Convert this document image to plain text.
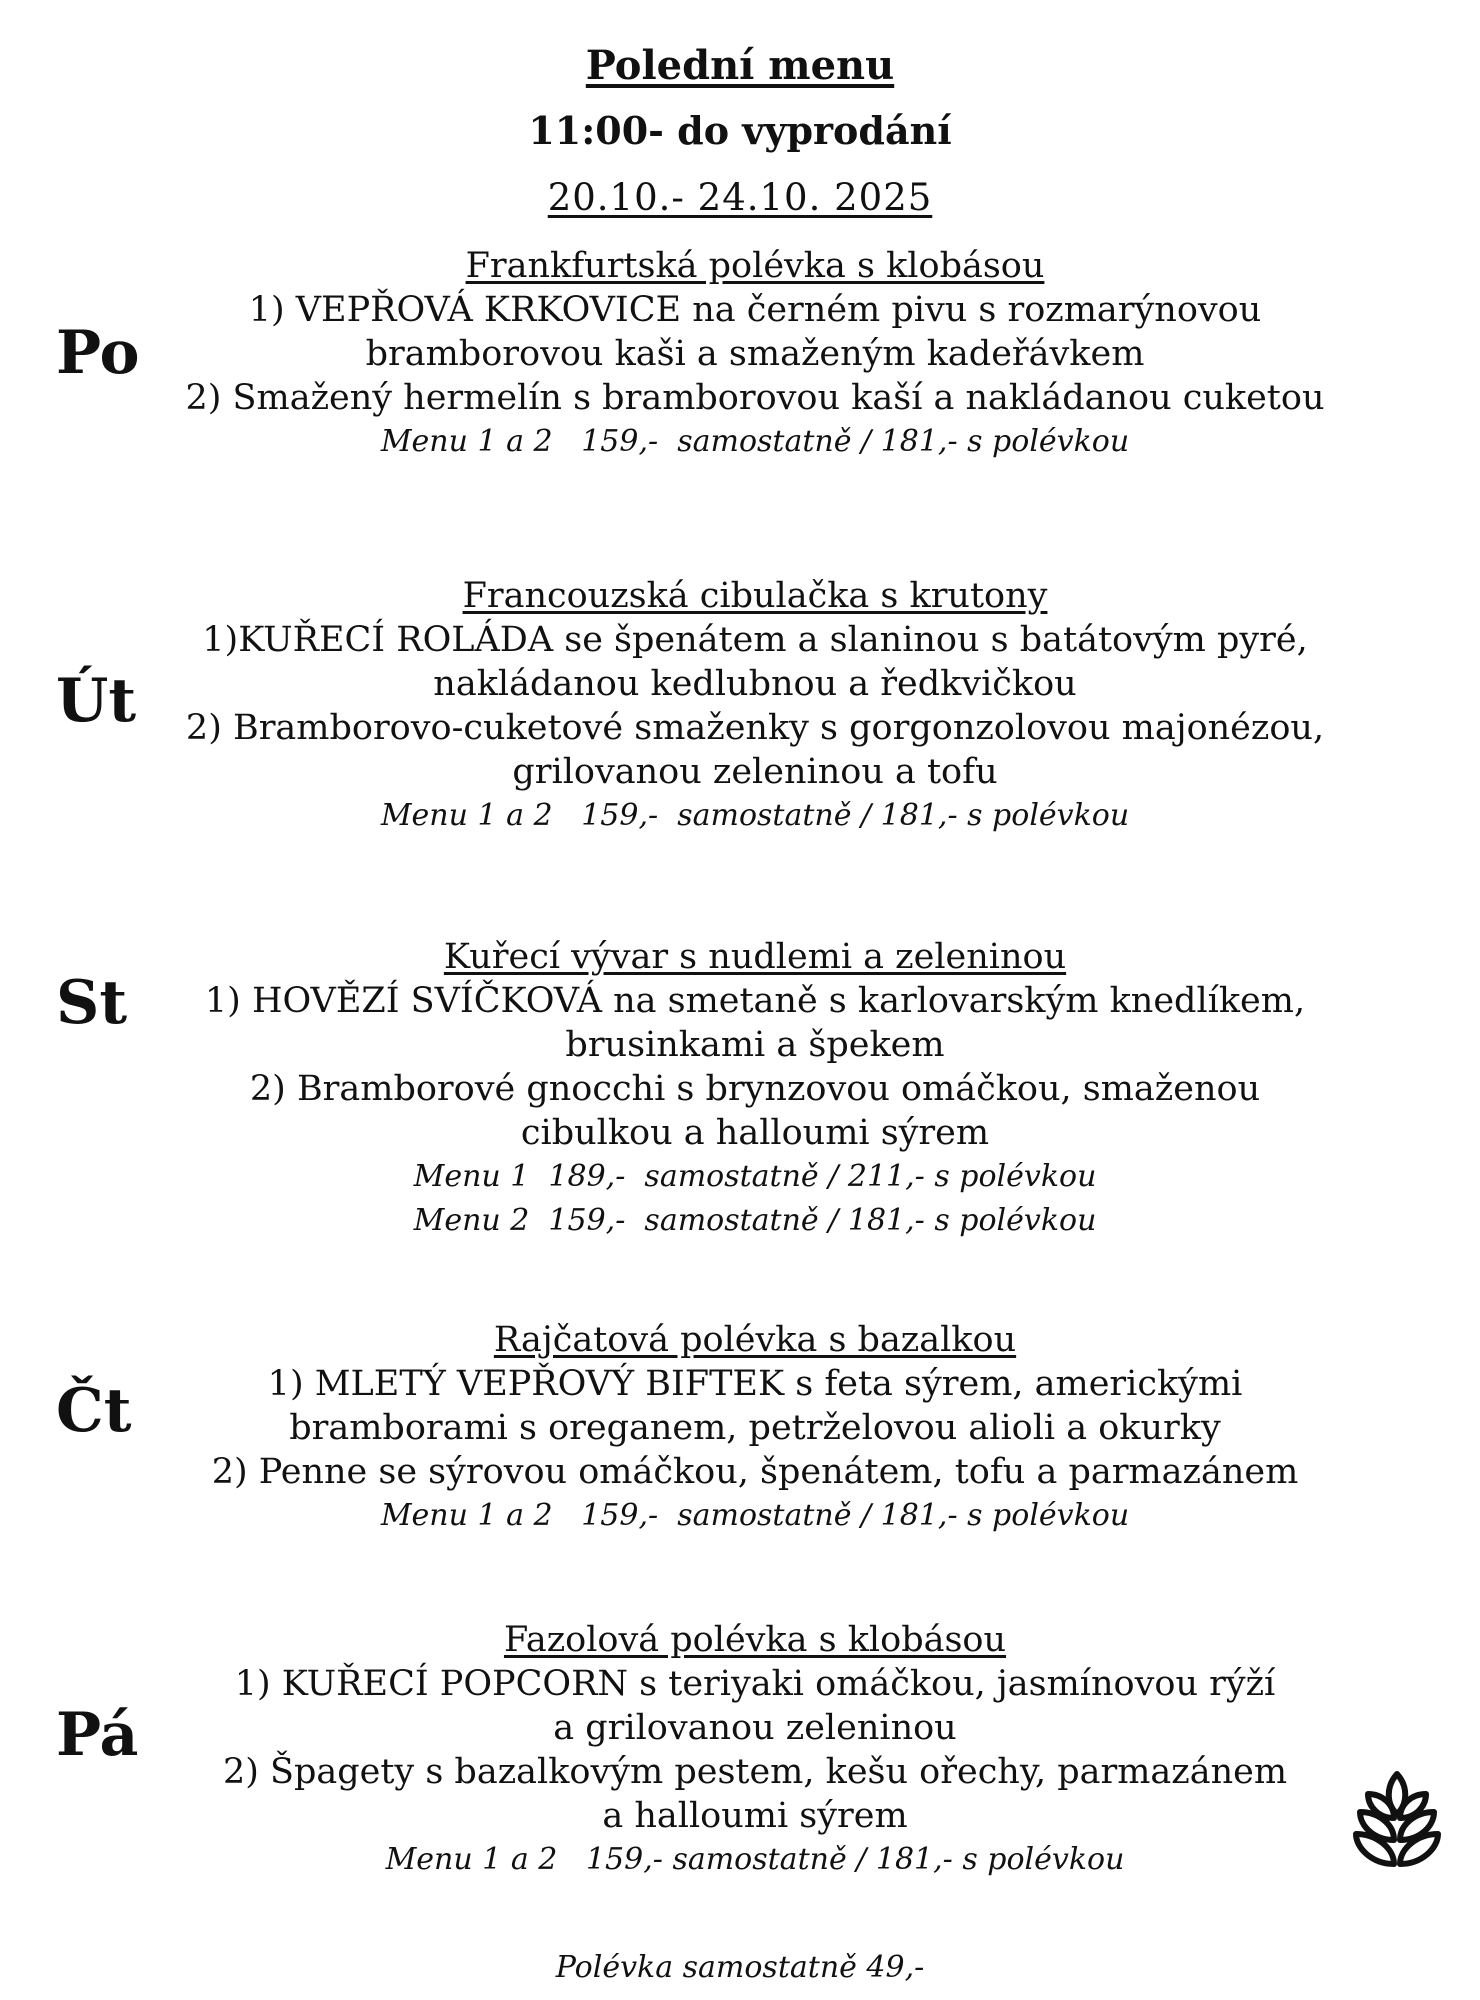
Polední menu
11:00- do vyprodání
20.10.- 24.10. 2025
Po
Frankfurtská polévka s klobásou
1) VEPŘOVÁ KRKOVICE na černém pivu s rozmarýnovou
bramborovou kaši a smaženým kadeřávkem
2) Smažený hermelín s bramborovou kaší a nakládanou cuketou
Menu 1 a 2   159,-  samostatně / 181,- s polévkou
Út
Francouzská cibulačka s krutony
1)KUŘECÍ ROLÁDA se špenátem a slaninou s batátovým pyré,
nakládanou kedlubnou a ředkvičkou
2) Bramborovo-cuketové smaženky s gorgonzolovou majonézou,
grilovanou zeleninou a tofu
Menu 1 a 2   159,-  samostatně / 181,- s polévkou
St
Kuřecí vývar s nudlemi a zeleninou
1) HOVĚZÍ SVÍČKOVÁ na smetaně s karlovarským knedlíkem,
brusinkami a špekem
2) Bramborové gnocchi s brynzovou omáčkou, smaženou
cibulkou a halloumi sýrem
Menu 1  189,-  samostatně / 211,- s polévkou
Menu 2  159,-  samostatně / 181,- s polévkou
Čt
Rajčatová polévka s bazalkou
1) MLETÝ VEPŘOVÝ BIFTEK s feta sýrem, americkými
bramborami s oreganem, petrželovou alioli a okurky
2) Penne se sýrovou omáčkou, špenátem, tofu a parmazánem
Menu 1 a 2   159,-  samostatně / 181,- s polévkou
Pá
Fazolová polévka s klobásou
1) KUŘECÍ POPCORN s teriyaki omáčkou, jasmínovou rýží
a grilovanou zeleninou
2) Špagety s bazalkovým pestem, kešu ořechy, parmazánem
a halloumi sýrem
Menu 1 a 2   159,- samostatně / 181,- s polévkou
Polévka samostatně 49,-
